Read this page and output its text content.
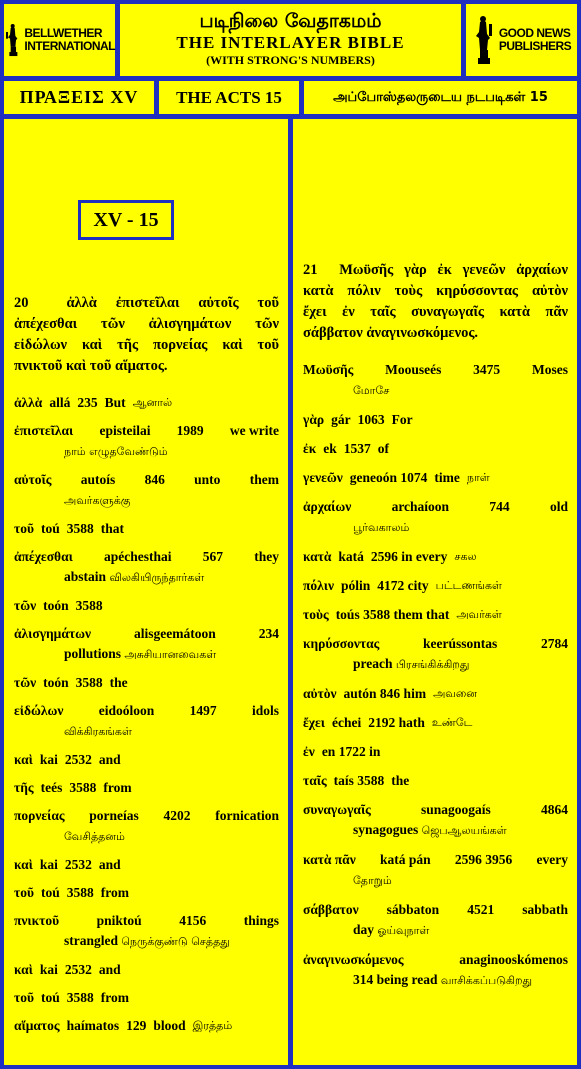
BELLWETHER
INTERNATIONAL
படிநிலை வேதாகமம்
THE INTERLAYER BIBLE
(WITH STRONG'S NUMBERS)
GOOD NEWS
PUBLISHERS
ΠΡΑΞΕΙΣ XV	THE ACTS 15	அப்போஸ்தலருடைய நடபடிகள் 15
XV - 15
20	ἀλλὰ ἐπιστεῖλαι αὐτοῖς τοῦ
ἀπέχεσθαι τῶν ἀλισγημάτων τῶν
εἰδώλων καὶ τῆς πορνείας καὶ τοῦ
πνικτοῦ καὶ τοῦ αἵματος.
ἀλλὰ allá 235 But ஆனால்
ἐπιστεῖλαι episteilai 1989 we write
நாம் எழுதவேண்டும்
αὐτοῖς autoís 846 unto them
அவர்களுக்கு
τοῦ toú 3588 that
ἀπέχεσθαι apéchesthai 567 they
abstain விலகியிருந்தார்கள்
τῶν toón 3588
ἀλισγημάτων	alisgeemátoon	234
pollutions அசுசியானவைகள்
τῶν toón 3588 the
εἰδώλων	eidoóloon	1497	idols
விக்கிரகங்கள்
καὶ kai 2532 and
τῆς teés 3588 from
πορνείας porneías 4202 fornication
வேசித்தனம்
καὶ kai 2532 and
τοῦ toú 3588 from
πνικτοῦ	pniktoú	4156	things
strangled நெருக்குண்டு செத்தது
καὶ kai 2532 and
τοῦ toú 3588 from
αἵματος haímatos 129 blood இரத்தம்
21 Μωϋσῆς γὰρ ἐκ γενεῶν ἀρχαίων
κατὰ πόλιν τοὺς κηρύσσοντας αὐτὸν
ἔχει ἐν ταῖς συναγωγαῖς κατὰ πᾶν
σάββατον ἀναγινωσκόμενος.
Μωϋσῆς Moouseés 3475 Moses
மோசே
γὰρ gár 1063 For
ἐκ ek 1537 of
γενεῶν geneoón 1074 time நாள்
ἀρχαίων	archaíoon	744	old
பூர்வகாலம்
κατὰ katá 2596 in every சகல
πόλιν pólin 4172 city பட்டணங்கள்
τοὺς toús 3588 them that அவர்கள்
κηρύσσοντας	keerússontas	2784
preach பிரசங்கிக்கிறது
αὐτὸν autón 846 him அவனை
ἔχει échei 2192 hath உண்டே
ἐν en 1722 in
ταῖς taís 3588 the
συναγωγαῖς	sunagoogaís	4864
synagogues ஜெபஆலயங்கள்
κατὰ πᾶν katá pán 2596 3956 every
தோறும்
σάββατον sábbaton 4521 sabbath
day ஓய்வுநாள்
ἀναγινωσκόμενος	anaginooskómenos
314 being read வாசிக்கப்படுகிறது
